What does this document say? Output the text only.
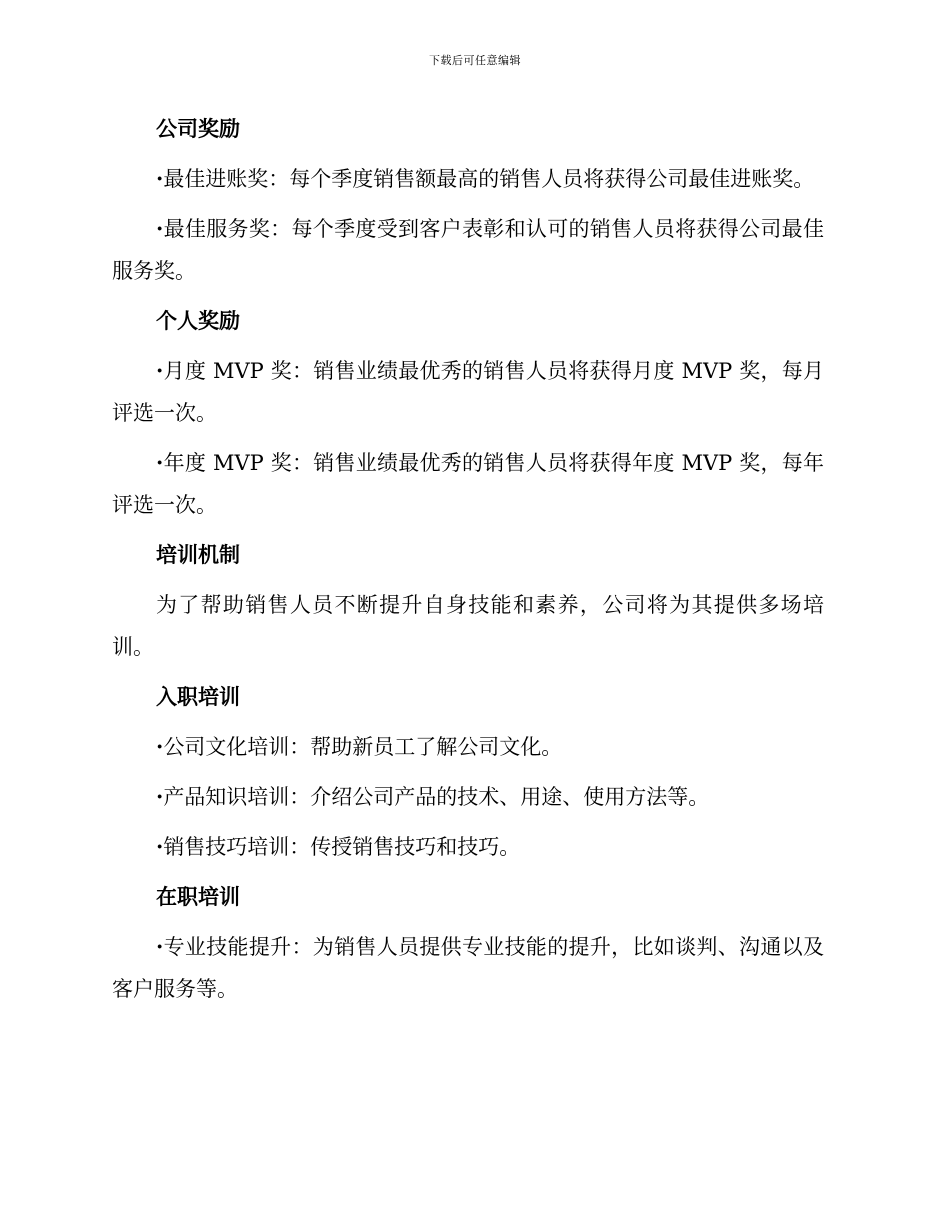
下载后可任意编辑

公司奖励

·最佳进账奖：每个季度销售额最高的销售人员将获得公司最佳进账奖。

·最佳服务奖：每个季度受到客户表彰和认可的销售人员将获得公司最佳服务奖。

个人奖励

·月度 MVP 奖：销售业绩最优秀的销售人员将获得月度 MVP 奖，每月评选一次。

·年度 MVP 奖：销售业绩最优秀的销售人员将获得年度 MVP 奖，每年评选一次。

培训机制

为了帮助销售人员不断提升自身技能和素养，公司将为其提供多场培训。

入职培训

·公司文化培训：帮助新员工了解公司文化。

·产品知识培训：介绍公司产品的技术、用途、使用方法等。

·销售技巧培训：传授销售技巧和技巧。

在职培训

·专业技能提升：为销售人员提供专业技能的提升，比如谈判、沟通以及客户服务等。
